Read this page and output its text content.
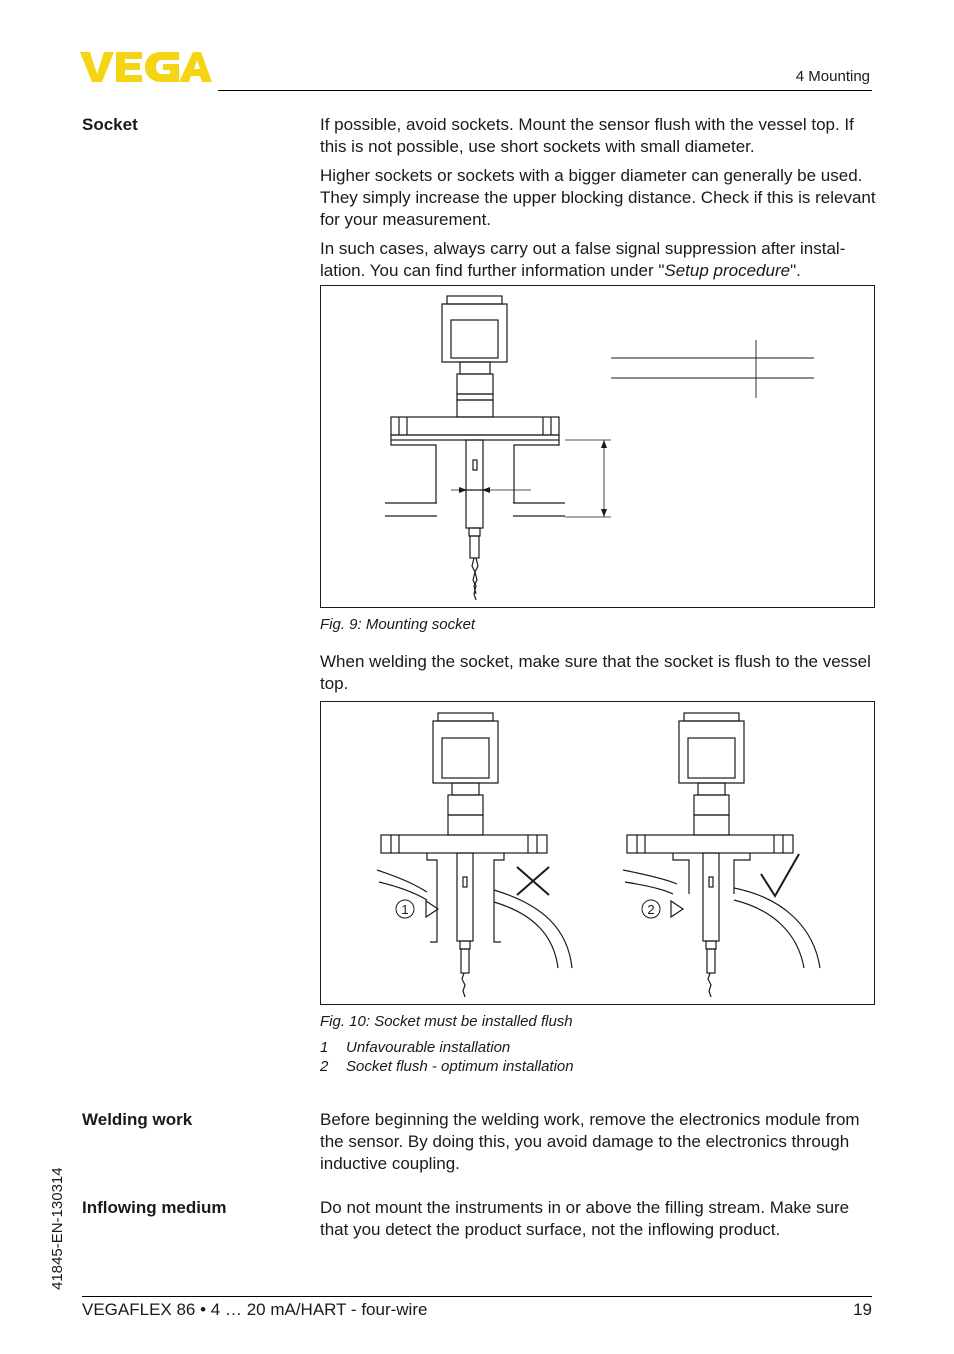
4 Mounting
Socket	If possible, avoid sockets. Mount the sensor flush with the vessel top. If this is not possible, use short sockets with small diameter.

Higher sockets or sockets with a bigger diameter can generally be used. They simply increase the upper blocking distance. Check if this is relevant for your measurement.

In such cases, always carry out a false signal suppression after instal-lation. You can find further information under "Setup procedure".

Fig. 9: Mounting socket

When welding the socket, make sure that the socket is flush to the vessel top.

1	2
Fig. 10: Socket must be installed flush
1 Unfavourable installation
2 Socket flush - optimum installation
Welding work	Before beginning the welding work, remove the electronics module from the sensor. By doing this, you avoid damage to the electronics through inductive coupling.
Inflowing medium	Do not mount the instruments in or above the filling stream. Make sure that you detect the product surface, not the inflowing product.
41845-EN-130314
VEGAFLEX 86 • 4 … 20 mA/HART - four-wire	19
